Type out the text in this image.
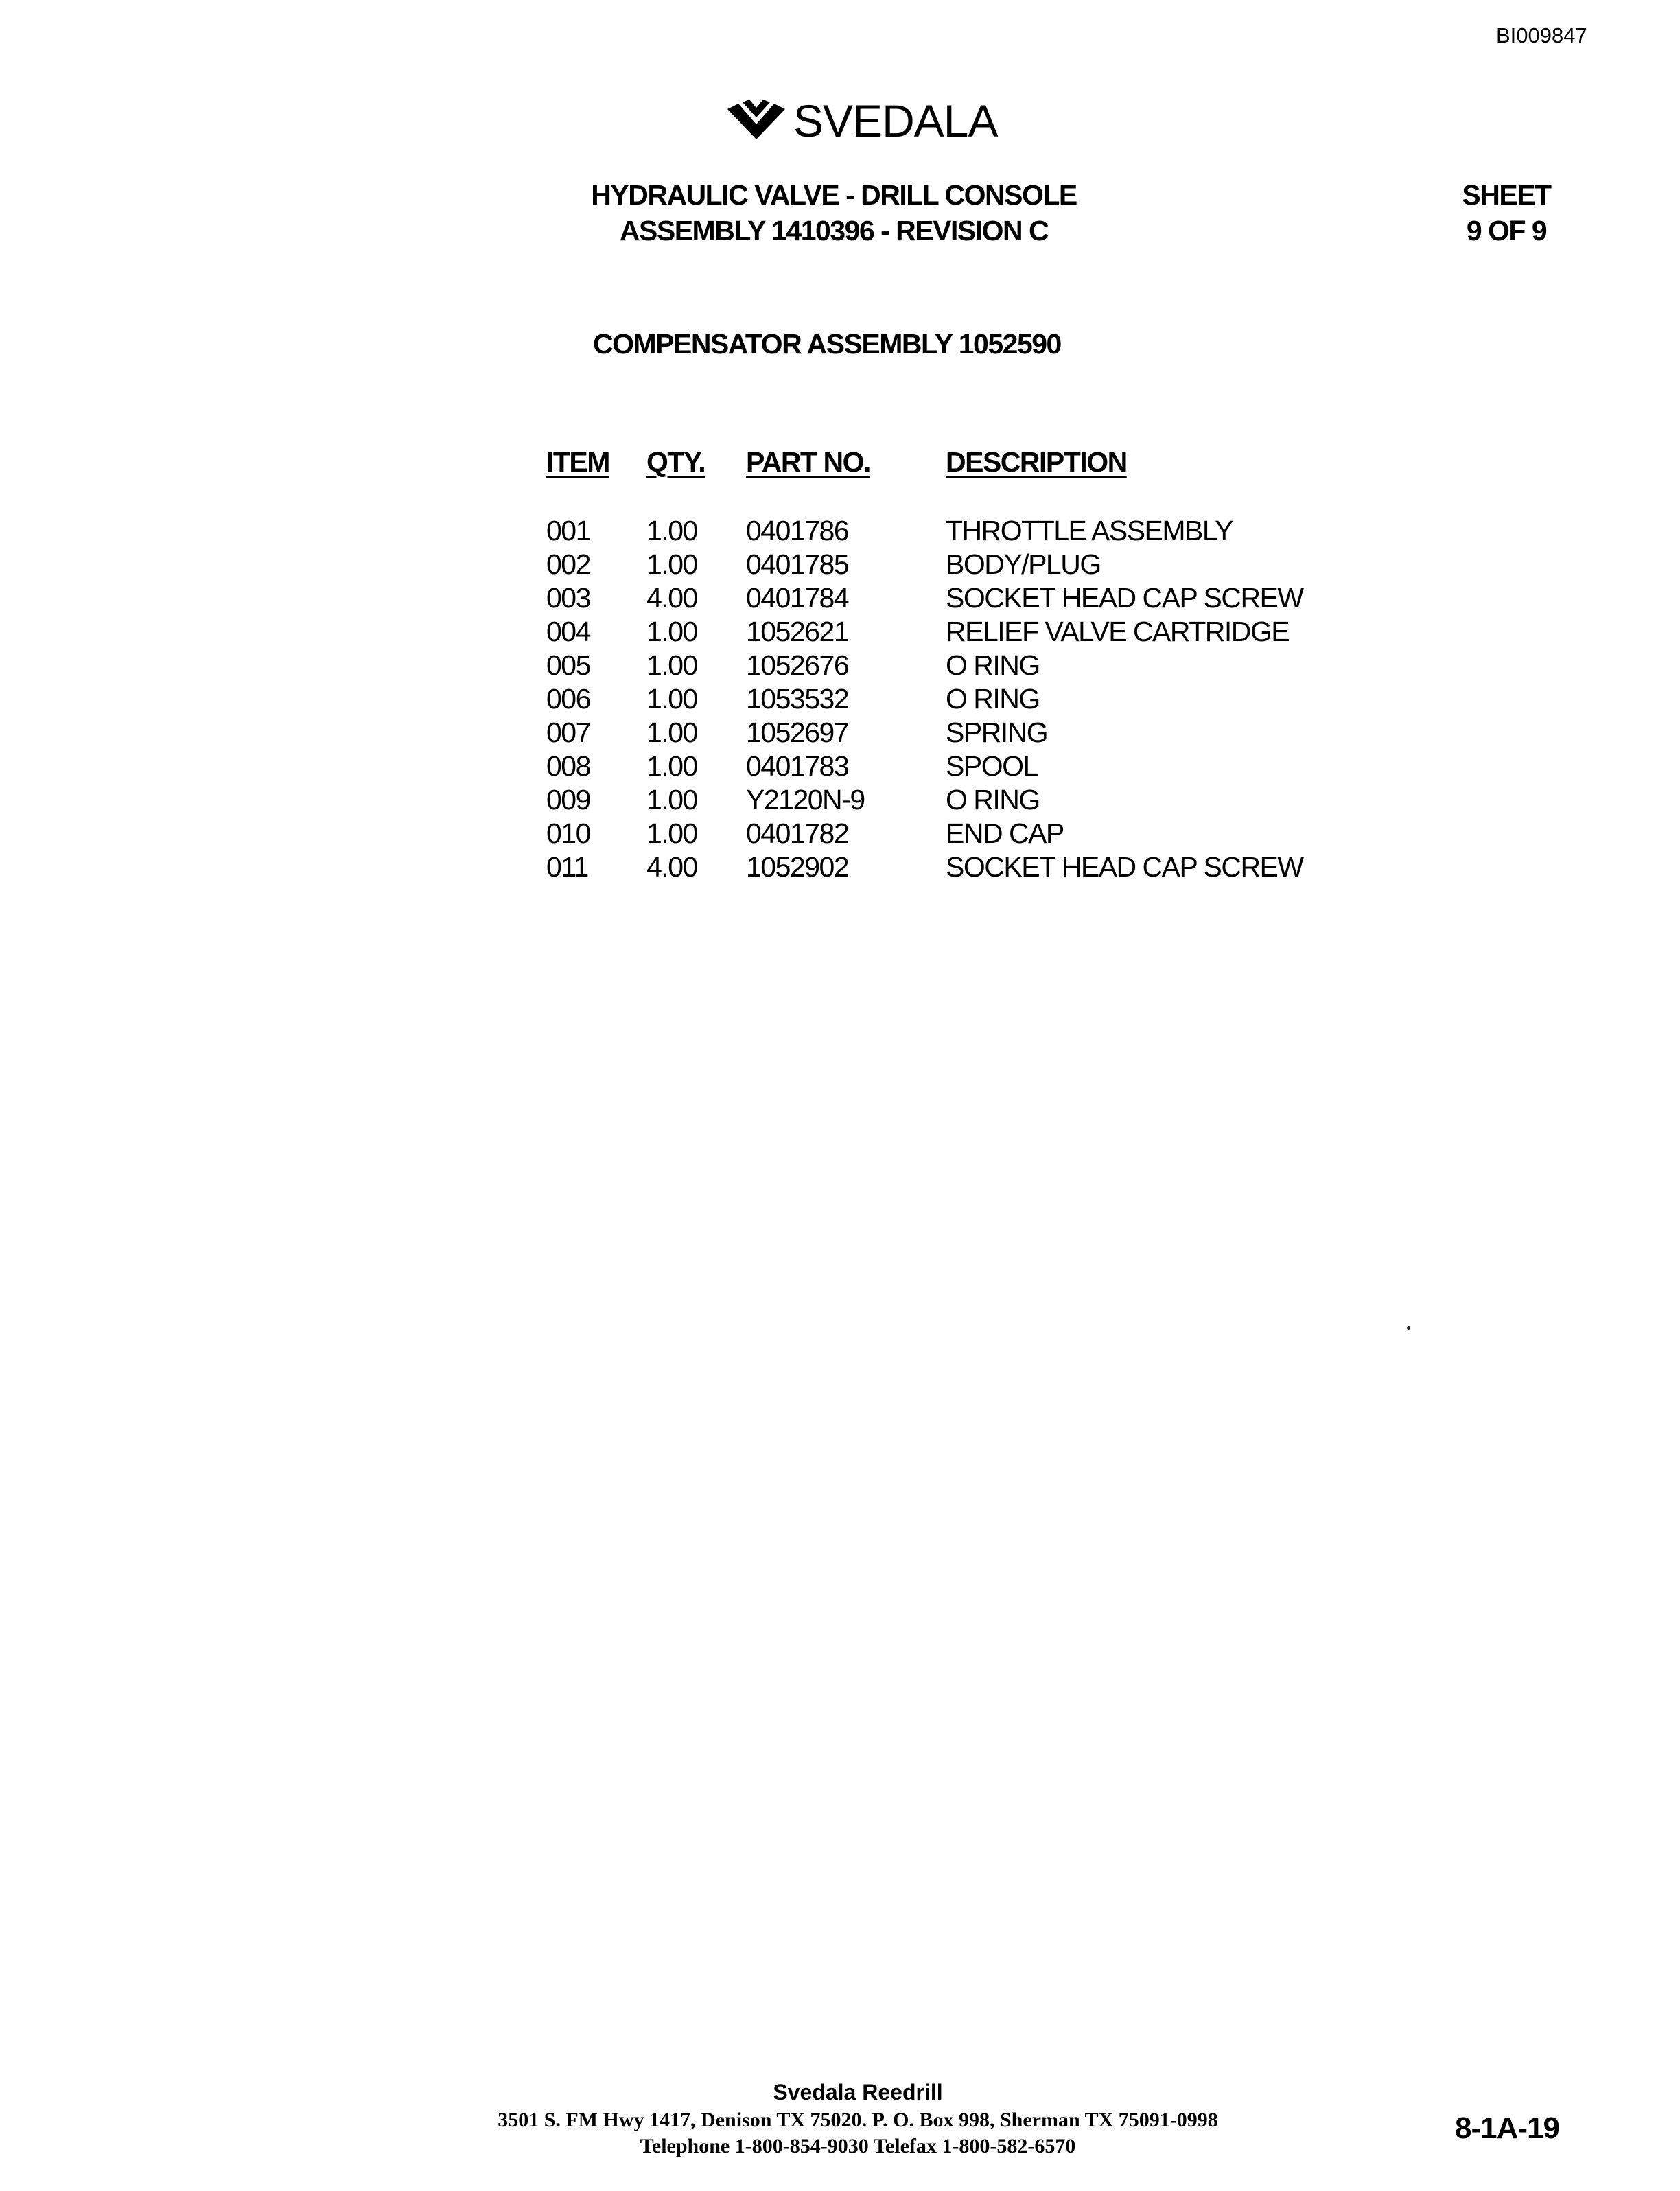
BI009847
SVEDALA
HYDRAULIC VALVE - DRILL CONSOLE
ASSEMBLY 1410396 - REVISION C
SHEET
9 OF 9
COMPENSATOR ASSEMBLY 1052590
ITEM QTY. PART NO.	DESCRIPTION
001 1.00 0401786	THROTTLE ASSEMBLY
002 1.00 0401785	BODY/PLUG
003 4.00 0401784	SOCKET HEAD CAP SCREW
004 1.00 1052621	RELIEF VALVE CARTRIDGE
005 1.00 1052676	O RING
006 1.00 1053532	O RING
007 1.00 1052697	SPRING
008 1.00 0401783	SPOOL
009 1.00 Y2120N-9	O RING
010 1.00 0401782	END CAP
011 4.00 1052902	SOCKET HEAD CAP SCREW
Svedala Reedrill
3501 S. FM Hwy 1417, Denison TX 75020. P. O. Box 998, Sherman TX 75091-0998
Telephone 1-800-854-9030 Telefax 1-800-582-6570
8-1A-19
